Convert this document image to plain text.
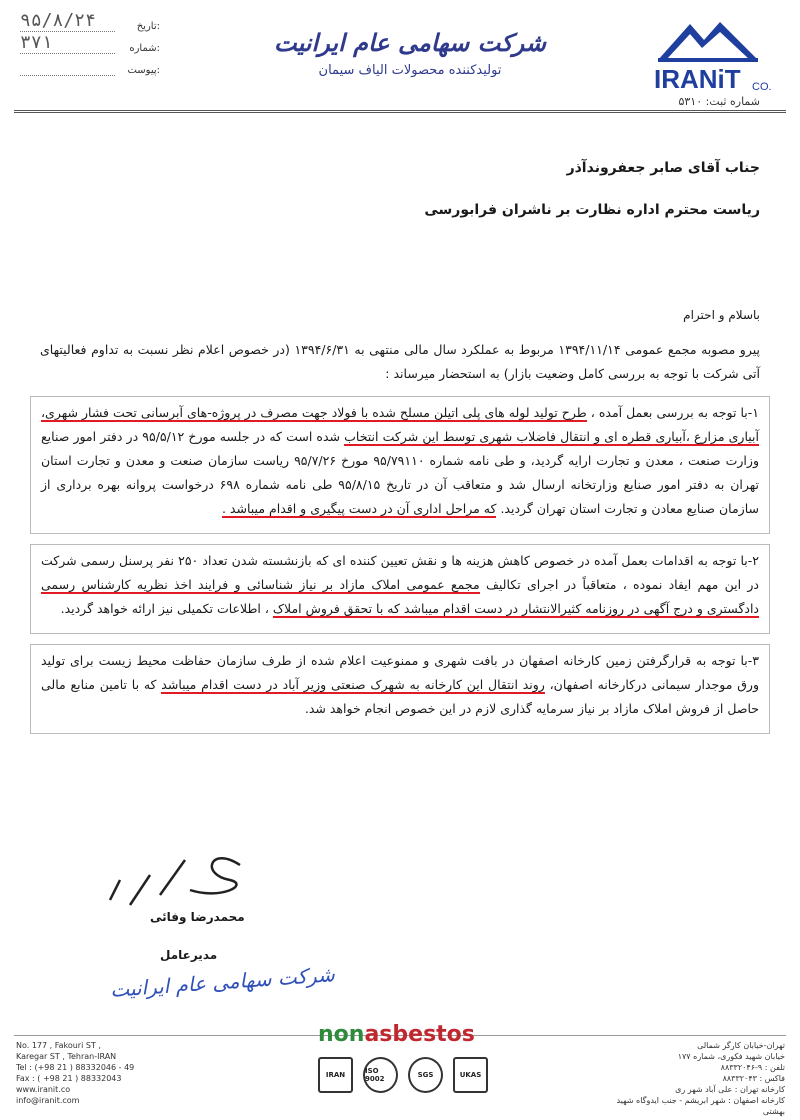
۹۵/۸/۲۴	تاریخ:
۳۷۱	شماره:
پیوست:
شرکت سهامی عام ایرانیت
تولیدکننده محصولات الیاف سیمان	IRANiT CO.
شماره ثبت: ۵۳۱۰

جناب آقای صابر جعفروندآذر

ریاست محترم اداره نظارت بر ناشران فرابورسی

باسلام و احترام

پیرو مصوبه مجمع عمومی ۱۳۹۴/۱۱/۱۴ مربوط به عملکرد سال مالی منتهی به ۱۳۹۴/۶/۳۱ (در خصوص اعلام نظر نسبت به تداوم فعالیتهای آتی شرکت با توجه به بررسی کامل وضعیت بازار) به استحضار میرساند :

۱-با توجه به بررسی بعمل آمده ، طرح تولید لوله های پلی اتیلن مسلح شده با فولاد جهت مصرف در پروژه-های آبرسانی تحت فشار شهری، آبیاری مزارع ،آبیاری قطره ای و انتقال فاضلاب شهری توسط این شرکت انتخاب شده است که در جلسه مورخ ۹۵/۵/۱۲ در دفتر امور صنایع وزارت صنعت ، معدن و تجارت ارایه گردید، و طی نامه شماره ۹۵/۷۹۱۱۰ مورخ ۹۵/۷/۲۶ ریاست سازمان صنعت و معدن و تجارت استان تهران به دفتر امور صنایع وزارتخانه ارسال شد و متعاقب آن در تاریخ ۹۵/۸/۱۵ طی نامه شماره ۶۹۸ درخواست پروانه بهره برداری از سازمان صنایع معادن و تجارت استان تهران گردید. که مراحل اداری آن در دست پیگیری و اقدام میباشد .

۲-با توجه به اقدامات بعمل آمده در خصوص کاهش هزینه ها و نقش تعیین کننده ای که بازنشسته شدن تعداد ۲۵۰ نفر پرسنل رسمی شرکت در این مهم ایفاد نموده ، متعاقباً در اجرای تکالیف مجمع عمومی املاک مازاد بر نیاز شناسائی و فرایند اخذ نظریه کارشناس رسمی دادگستری و درج آگهی در روزنامه کثیرالانتشار در دست اقدام میباشد که با تحقق فروش املاک ، اطلاعات تکمیلی نیز ارائه خواهد گردید.

۳-با توجه به قرارگرفتن زمین کارخانه اصفهان در بافت شهری و ممنوعیت اعلام شده از طرف سازمان حفاظت محیط زیست برای تولید ورق موجدار سیمانی درکارخانه اصفهان، روند انتقال این کارخانه به شهرک صنعتی وزیر آباد در دست اقدام میباشد که با تامین منابع مالی حاصل از فروش املاک مازاد بر نیاز سرمایه گذاری لازم در این خصوص انجام خواهد شد.

محمدرضا وفائی
مدیرعامل
شرکت سهامی عام ایرانیت
No. 177 , Fakouri ST ,
Karegar ST , Tehran-IRAN
Tel : (+98 21 ) 88332046 - 49
Fax : ( +98 21 ) 88332043
www.iranit.co
info@iranit.com
nonasbestos
IRAN	ISO 9002	SGS	UKAS
تهران-خیابان کارگر شمالی
خیابان شهید فکوری، شماره ۱۷۷
تلفن : ۹-۸۸۳۳۲۰۴۶
فاکس : ۸۸۳۳۲۰۴۳
کارخانه تهران : علی آباد شهر ری
کارخانه اصفهان : شهر ابریشم - جنب ایدوگاه شهید بهشتی
